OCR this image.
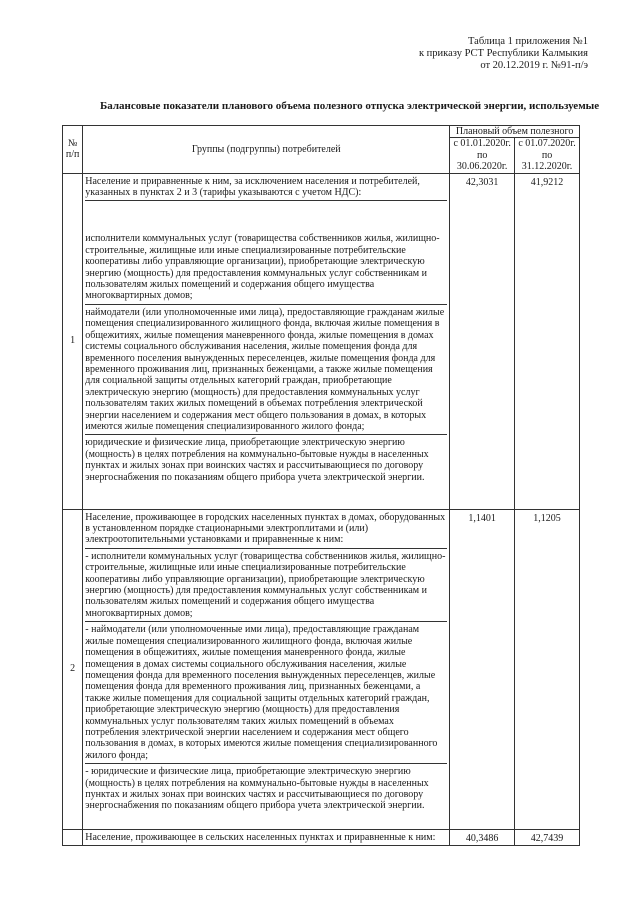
Таблица 1 приложения №1
к приказу РСТ Республики Калмыкия
от 20.12.2019 г. №91-п/э
Балансовые показатели планового объема полезного отпуска электрической энергии, используемые
№ п/п	Группы (подгруппы) потребителей	Плановый объем полезного	
		с 01.01.2020г. по 30.06.2020г.	с 01.07.2020г. по 31.12.2020г.
1	Население и приравненные к ним, за исключением населения и потребителей, указанных в пунктах 2 и 3 (тарифы указываются с учетом НДС):
исполнители коммунальных услуг (товарищества собственников жилья, жилищно-строительные, жилищные или иные специализированные потребительские кооперативы либо управляющие организации), приобретающие электрическую энергию (мощность) для предоставления коммунальных услуг собственникам и пользователям жилых помещений и содержания общего имущества многоквартирных домов;
наймодатели (или уполномоченные ими лица), предоставляющие гражданам жилые помещения специализированного жилищного фонда, включая жилые помещения в общежитиях, жилые помещения маневренного фонда, жилые помещения в домах системы социального обслуживания населения, жилые помещения фонда для временного поселения вынужденных переселенцев, жилые помещения фонда для временного проживания лиц, признанных беженцами, а также жилые помещения для социальной защиты отдельных категорий граждан, приобретающие электрическую энергию (мощность) для предоставления коммунальных услуг пользователям таких жилых помещений в объемах потребления электрической энергии населением и содержания мест общего пользования в домах, в которых имеются жилые помещения специализированного жилого фонда;
юридические и физические лица, приобретающие электрическую энергию (мощность) в целях потребления на коммунально-бытовые нужды в населенных пунктах и жилых зонах при воинских частях и рассчитывающиеся по договору энергоснабжения по показаниям общего прибора учета электрической энергии.	42,3031	41,9212
2	Население, проживающее в городских населенных пунктах в домах, оборудованных в установленном порядке стационарными электроплитами и (или) электроотопительными установками и приравненные к ним:
- исполнители коммунальных услуг (товарищества собственников жилья, жилищно-строительные, жилищные или иные специализированные потребительские кооперативы либо управляющие организации), приобретающие электрическую энергию (мощность) для предоставления коммунальных услуг собственникам и пользователям жилых помещений и содержания общего имущества многоквартирных домов;
- наймодатели (или уполномоченные ими лица), предоставляющие гражданам жилые помещения специализированного жилищного фонда, включая жилые помещения в общежитиях, жилые помещения маневренного фонда, жилые помещения в домах системы социального обслуживания населения, жилые помещения фонда для временного поселения вынужденных переселенцев, жилые помещения фонда для временного проживания лиц, признанных беженцами, а также жилые помещения для социальной защиты отдельных категорий граждан, приобретающие электрическую энергию (мощность) для предоставления коммунальных услуг пользователям таких жилых помещений в объемах потребления электрической энергии населением и содержания мест общего пользования в домах, в которых имеются жилые помещения специализированного жилого фонда;
- юридические и физические лица, приобретающие электрическую энергию (мощность) в целях потребления на коммунально-бытовые нужды в населенных пунктах и жилых зонах при воинских частях и рассчитывающиеся по договору энергоснабжения по показаниям общего прибора учета электрической энергии.	1,1401	1,1205

	Население, проживающее в сельских населенных пунктах и приравненные к ним:	40,3486	42,7439
